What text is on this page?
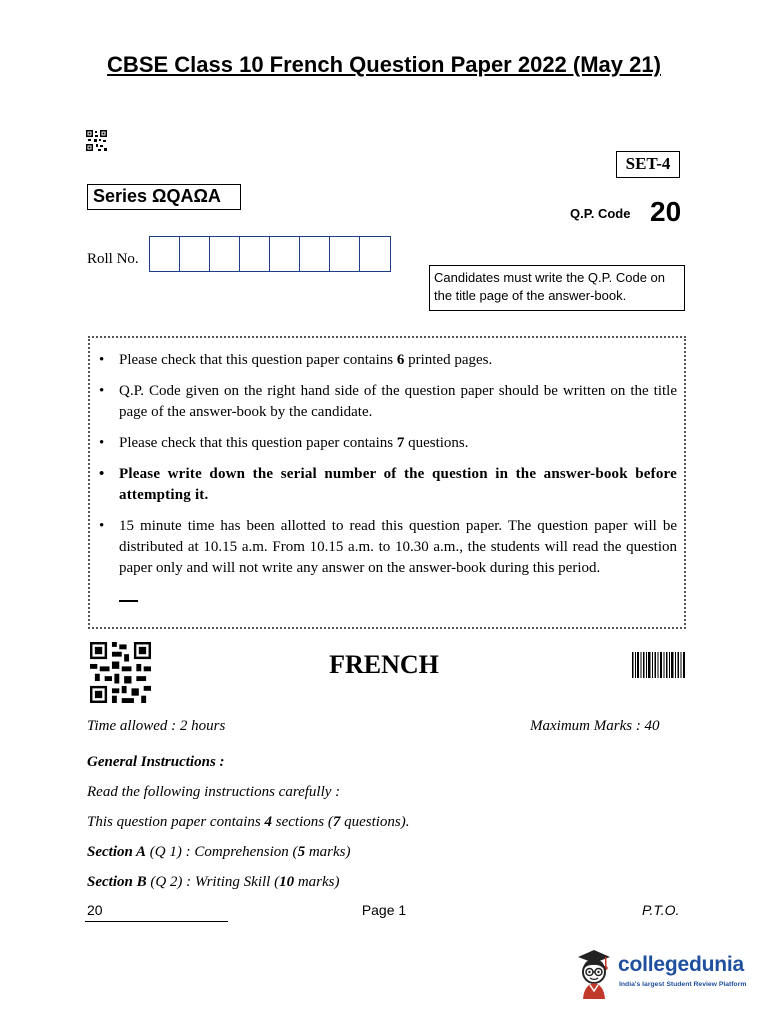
CBSE Class 10 French Question Paper 2022 (May 21)
SET-4
Series ΩQAΩA
Q.P. Code 20
Roll No.
Candidates must write the Q.P. Code on the title page of the answer-book.
• Please check that this question paper contains 6 printed pages.
• Q.P. Code given on the right hand side of the question paper should be written on the title page of the answer-book by the candidate.
• Please check that this question paper contains 7 questions.
• Please write down the serial number of the question in the answer-book before attempting it.
• 15 minute time has been allotted to read this question paper. The question paper will be distributed at 10.15 a.m. From 10.15 a.m. to 10.30 a.m., the students will read the question paper only and will not write any answer on the answer-book during this period.
FRENCH
Time allowed : 2 hours	Maximum Marks : 40
General Instructions :
Read the following instructions carefully :
This question paper contains 4 sections (7 questions).
Section A (Q 1) : Comprehension (5 marks)
Section B (Q 2) : Writing Skill (10 marks)
20	Page 1	P.T.O.
collegedunia
India's largest Student Review Platform
